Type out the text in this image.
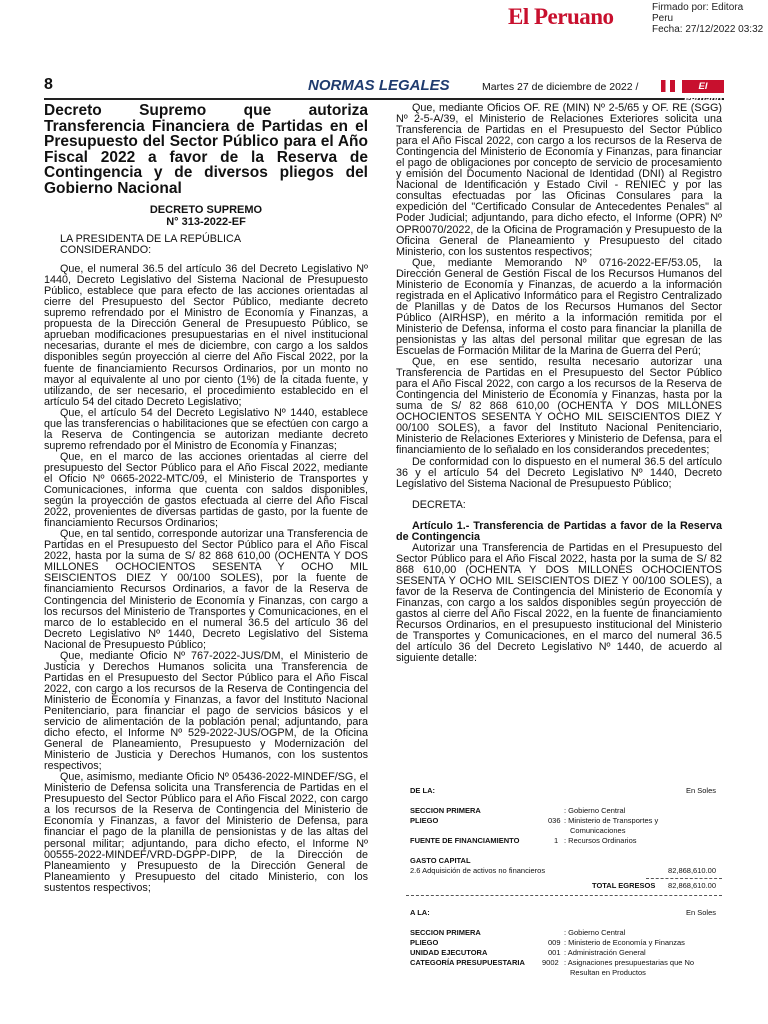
El Peruano	Firmado por: Editora
Peru
Fecha: 27/12/2022 03:32
8	NORMAS LEGALES	Martes 27 de diciembre de 2022 /	El Peruano
Decreto Supremo que autoriza Transferencia Financiera de Partidas en el Presupuesto del Sector Público para el Año Fiscal 2022 a favor de la Reserva de Contingencia y de diversos pliegos del Gobierno Nacional
DECRETO SUPREMO
N° 313-2022-EF

LA PRESIDENTA DE LA REPÚBLICA

CONSIDERANDO:

Que, el numeral 36.5 del artículo 36 del Decreto Legislativo Nº 1440, Decreto Legislativo del Sistema Nacional de Presupuesto Público, establece que para efecto de las acciones orientadas al cierre del Presupuesto del Sector Público, mediante decreto supremo refrendado por el Ministro de Economía y Finanzas, a propuesta de la Dirección General de Presupuesto Público, se aprueban modificaciones presupuestarias en el nivel institucional necesarias, durante el mes de diciembre, con cargo a los saldos disponibles según proyección al cierre del Año Fiscal 2022, por la fuente de financiamiento Recursos Ordinarios, por un monto no mayor al equivalente al uno por ciento (1%) de la citada fuente, y utilizando, de ser necesario, el procedimiento establecido en el artículo 54 del citado Decreto Legislativo;

Que, el artículo 54 del Decreto Legislativo Nº 1440, establece que las transferencias o habilitaciones que se efectúen con cargo a la Reserva de Contingencia se autorizan mediante decreto supremo refrendado por el Ministro de Economía y Finanzas;

Que, en el marco de las acciones orientadas al cierre del presupuesto del Sector Público para el Año Fiscal 2022, mediante el Oficio Nº 0665-2022-MTC/09, el Ministerio de Transportes y Comunicaciones, informa que cuenta con saldos disponibles, según la proyección de gastos efectuada al cierre del Año Fiscal 2022, provenientes de diversas partidas de gasto, por la fuente de financiamiento Recursos Ordinarios;

Que, en tal sentido, corresponde autorizar una Transferencia de Partidas en el Presupuesto del Sector Público para el Año Fiscal 2022, hasta por la suma de S/ 82 868 610,00 (OCHENTA Y DOS MILLONES OCHOCIENTOS SESENTA Y OCHO MIL SEISCIENTOS DIEZ Y 00/100 SOLES), por la fuente de financiamiento Recursos Ordinarios, a favor de la Reserva de Contingencia del Ministerio de Economía y Finanzas, con cargo a los recursos del Ministerio de Transportes y Comunicaciones, en el marco de lo establecido en el numeral 36.5 del artículo 36 del Decreto Legislativo Nº 1440, Decreto Legislativo del Sistema Nacional de Presupuesto Público;

Que, mediante Oficio Nº 767-2022-JUS/DM, el Ministerio de Justicia y Derechos Humanos solicita una Transferencia de Partidas en el Presupuesto del Sector Público para el Año Fiscal 2022, con cargo a los recursos de la Reserva de Contingencia del Ministerio de Economía y Finanzas, a favor del Instituto Nacional Penitenciario, para financiar el pago de servicios básicos y el servicio de alimentación de la población penal; adjuntando, para dicho efecto, el Informe Nº 529-2022-JUS/OGPM, de la Oficina General de Planeamiento, Presupuesto y Modernización del Ministerio de Justicia y Derechos Humanos, con los sustentos respectivos;

Que, asimismo, mediante Oficio Nº 05436-2022-MINDEF/SG, el Ministerio de Defensa solicita una Transferencia de Partidas en el Presupuesto del Sector Público para el Año Fiscal 2022, con cargo a los recursos de la Reserva de Contingencia del Ministerio de Economía y Finanzas, a favor del Ministerio de Defensa, para financiar el pago de la planilla de pensionistas y de las altas del personal militar; adjuntando, para dicho efecto, el Informe Nº 00555-2022-MINDEF/VRD-DGPP-DIPP, de la Dirección de Planeamiento y Presupuesto de la Dirección General de Planeamiento y Presupuesto del citado Ministerio, con los sustentos respectivos;

Que, mediante Oficios OF. RE (MIN) Nº 2-5/65 y OF. RE (SGG) Nº 2-5-A/39, el Ministerio de Relaciones Exteriores solicita una Transferencia de Partidas en el Presupuesto del Sector Público para el Año Fiscal 2022, con cargo a los recursos de la Reserva de Contingencia del Ministerio de Economía y Finanzas, para financiar el pago de obligaciones por concepto de servicio de procesamiento y emisión del Documento Nacional de Identidad (DNI) al Registro Nacional de Identificación y Estado Civil - RENIEC y por las consultas efectuadas por las Oficinas Consulares para la expedición del "Certificado Consular de Antecedentes Penales" al Poder Judicial; adjuntando, para dicho efecto, el Informe (OPR) Nº OPR0070/2022, de la Oficina de Programación y Presupuesto de la Oficina General de Planeamiento y Presupuesto del citado Ministerio, con los sustentos respectivos;

Que, mediante Memorando Nº 0716-2022-EF/53.05, la Dirección General de Gestión Fiscal de los Recursos Humanos del Ministerio de Economía y Finanzas, de acuerdo a la información registrada en el Aplicativo Informático para el Registro Centralizado de Planillas y de Datos de los Recursos Humanos del Sector Público (AIRHSP), en mérito a la información remitida por el Ministerio de Defensa, informa el costo para financiar la planilla de pensionistas y las altas del personal militar que egresan de las Escuelas de Formación Militar de la Marina de Guerra del Perú;

Que, en ese sentido, resulta necesario autorizar una Transferencia de Partidas en el Presupuesto del Sector Público para el Año Fiscal 2022, con cargo a los recursos de la Reserva de Contingencia del Ministerio de Economía y Finanzas, hasta por la suma de S/ 82 868 610,00 (OCHENTA Y DOS MILLONES OCHOCIENTOS SESENTA Y OCHO MIL SEISCIENTOS DIEZ Y 00/100 SOLES), a favor del Instituto Nacional Penitenciario, Ministerio de Relaciones Exteriores y Ministerio de Defensa, para el financiamiento de lo señalado en los considerandos precedentes;

De conformidad con lo dispuesto en el numeral 36.5 del artículo 36 y el artículo 54 del Decreto Legislativo Nº 1440, Decreto Legislativo del Sistema Nacional de Presupuesto Público;

DECRETA:

Artículo 1.- Transferencia de Partidas a favor de la Reserva de Contingencia

Autorizar una Transferencia de Partidas en el Presupuesto del Sector Público para el Año Fiscal 2022, hasta por la suma de S/ 82 868 610,00 (OCHENTA Y DOS MILLONES OCHOCIENTOS SESENTA Y OCHO MIL SEISCIENTOS DIEZ Y 00/100 SOLES), a favor de la Reserva de Contingencia del Ministerio de Economía y Finanzas, con cargo a los saldos disponibles según proyección de gastos al cierre del Año Fiscal 2022, en la fuente de financiamiento Recursos Ordinarios, en el presupuesto institucional del Ministerio de Transportes y Comunicaciones, en el marco del numeral 36.5 del artículo 36 del Decreto Legislativo Nº 1440, de acuerdo al siguiente detalle:

DE LA:	En Soles
SECCION PRIMERA	: Gobierno Central
PLIEGO	036 : Ministerio de Transportes y
Comunicaciones
FUENTE DE FINANCIAMIENTO	1 : Recursos Ordinarios
GASTO CAPITAL
2.6 Adquisición de activos no financieros	82,868,610.00
TOTAL EGRESOS 82,868,610.00
A LA:	En Soles
SECCION PRIMERA	: Gobierno Central
PLIEGO	009 : Ministerio de Economía y Finanzas
UNIDAD EJECUTORA	001 : Administración General
CATEGORÍA PRESUPUESTARIA 9002 : Asignaciones presupuestarias que No
Resultan en Productos
